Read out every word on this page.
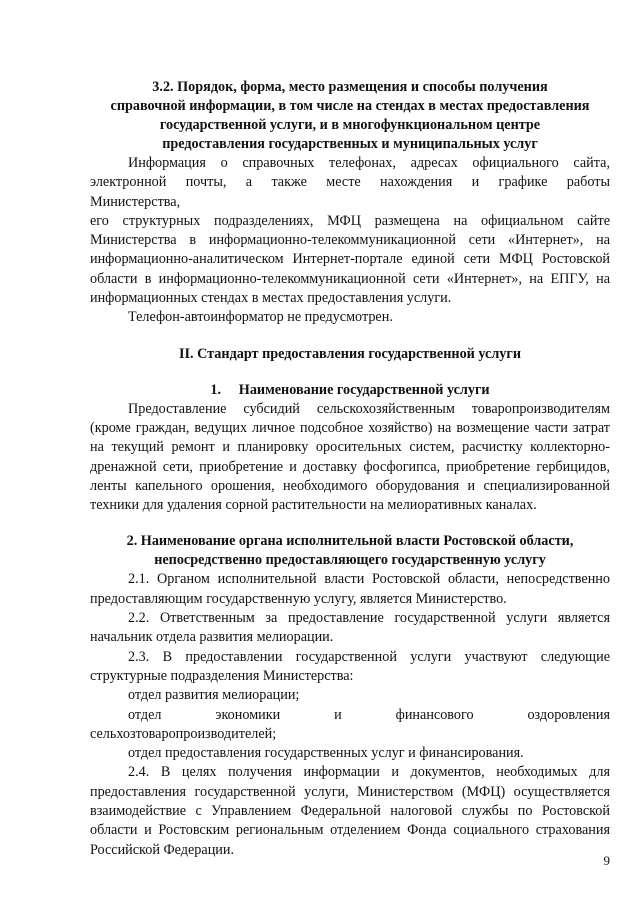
3.2. Порядок, форма, место размещения и способы получения
справочной информации, в том числе на стендах в местах предоставления
государственной услуги, и в многофункциональном центре
предоставления государственных и муниципальных услуг

Информация о справочных телефонах, адресах официального сайта,

электронной почты, а также месте нахождения и графике работы

Министерства,

его структурных подразделениях, МФЦ размещена на официальном сайте Министерства в информационно-телекоммуникационной сети «Интернет», на информационно-аналитическом Интернет-портале единой сети МФЦ Ростовской области в информационно-телекоммуникационной сети «Интернет», на ЕПГУ, на информационных стендах в местах предоставления услуги.

Телефон-автоинформатор не предусмотрен.

II. Стандарт предоставления государственной услуги
1.     Наименование государственной услуги

Предоставление субсидий сельскохозяйственным товаропроизводителям (кроме граждан, ведущих личное подсобное хозяйство) на возмещение части затрат на текущий ремонт и планировку оросительных систем, расчистку коллекторно-дренажной сети, приобретение и доставку фосфогипса, приобретение гербицидов, ленты капельного орошения, необходимого оборудования и специализированной техники для удаления сорной растительности на мелиоративных каналах.

2. Наименование органа исполнительной власти Ростовской области,
непосредственно предоставляющего государственную услугу

2.1. Органом исполнительной власти Ростовской области, непосредственно предоставляющим государственную услугу, является Министерство.

2.2. Ответственным за предоставление государственной услуги является начальник отдела развития мелиорации.

2.3. В предоставлении государственной услуги участвуют следующие структурные подразделения Министерства:

отдел развития мелиорации;

отдел экономики и финансового оздоровления

сельхозтоваропроизводителей;

отдел предоставления государственных услуг и финансирования.

2.4. В целях получения информации и документов, необходимых для предоставления государственной услуги, Министерством (МФЦ) осуществляется взаимодействие с Управлением Федеральной налоговой службы по Ростовской области и Ростовским региональным отделением Фонда социального страхования Российской Федерации.

9
